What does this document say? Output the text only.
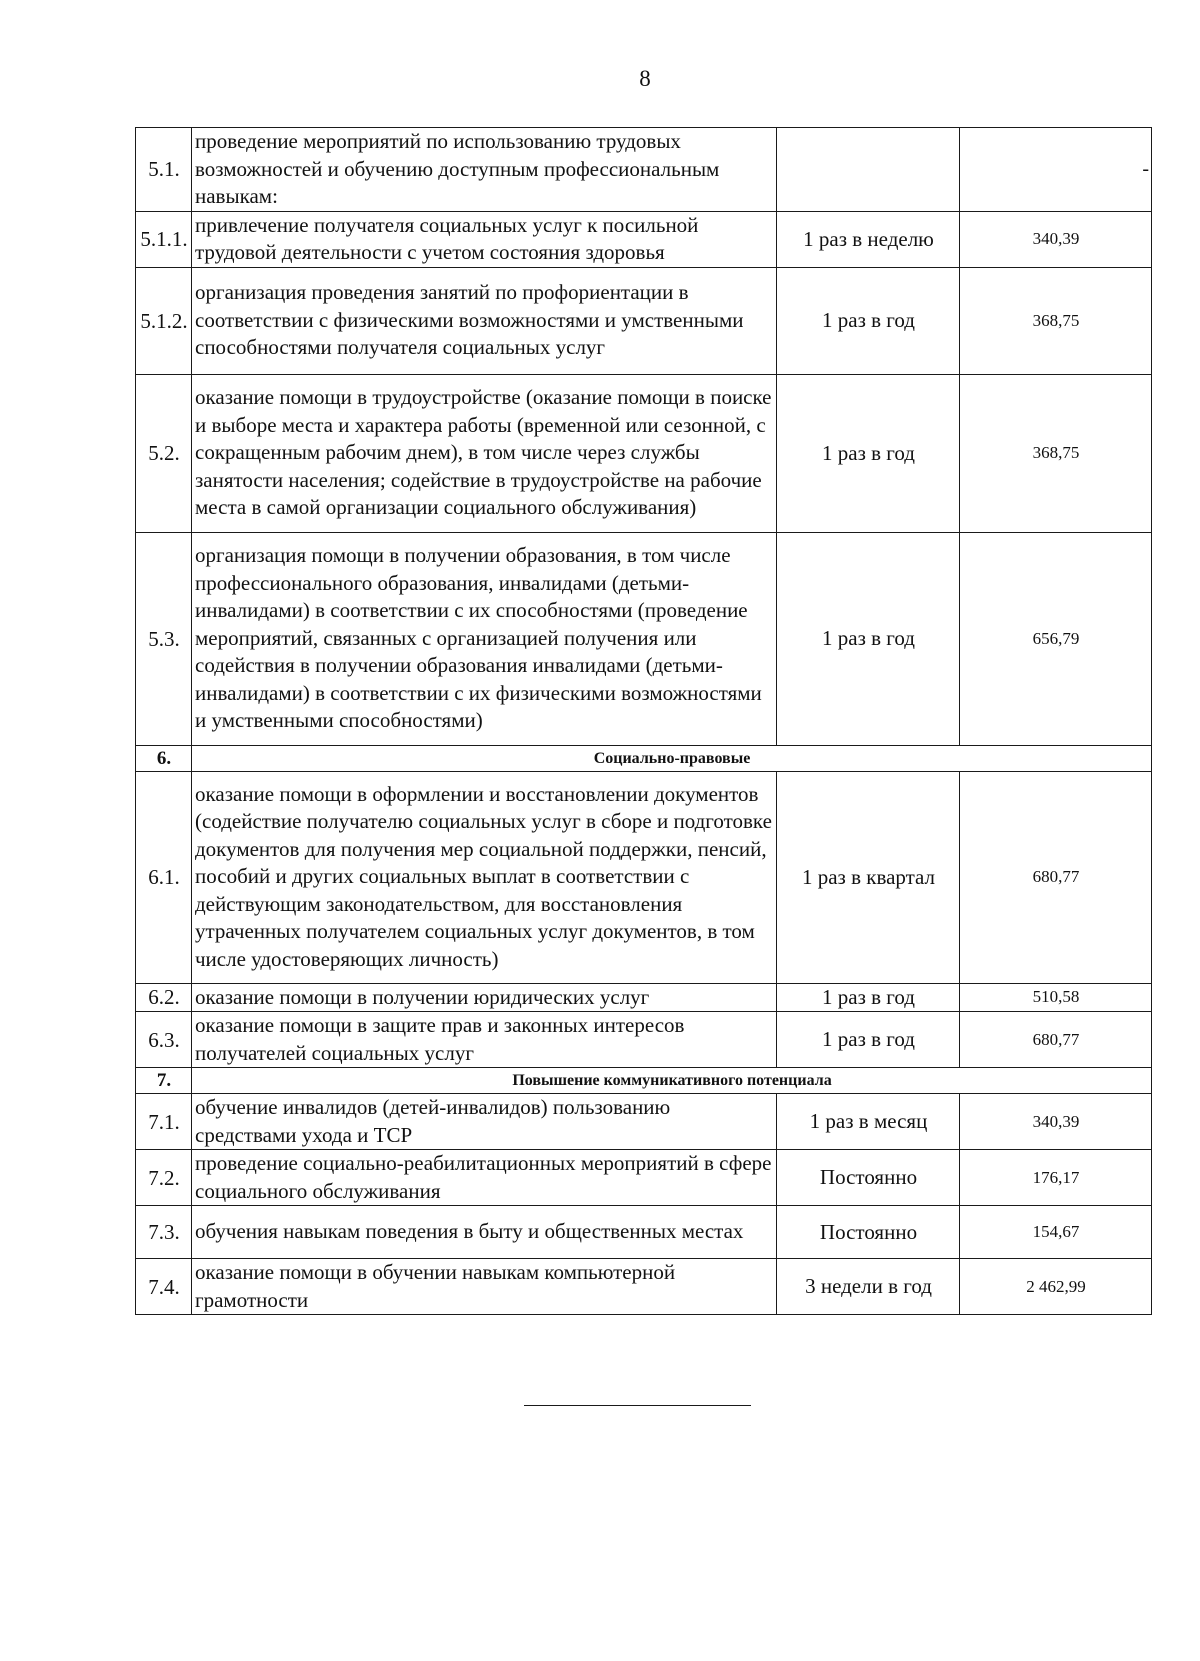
8
5.1.	проведение мероприятий по использованию трудовых возможностей и обучению доступным профессиональным навыкам:		-
5.1.1.	привлечение получателя социальных услуг к посильной трудовой деятельности с учетом состояния здоровья	1 раз в неделю	340,39
5.1.2.	организация проведения занятий по профориентации в соответствии с физическими возможностями и умственными способностями получателя социальных услуг	1 раз в год	368,75
5.2.	оказание помощи в трудоустройстве (оказание помощи в поиске и выборе места и характера работы (временной или сезонной, с сокращенным рабочим днем), в том числе через службы занятости населения; содействие в трудоустройстве на рабочие места в самой организации социального обслуживания)	1 раз в год	368,75
5.3.	организация помощи в получении образования, в том числе профессионального образования, инвалидами (детьми-инвалидами) в соответствии с их способностями (проведение мероприятий, связанных с организацией получения или содействия в получении образования инвалидами (детьми-инвалидами) в соответствии с их физическими возможностями и умственными способностями)	1 раз в год	656,79
6.	Социально-правовые		
6.1.	оказание помощи в оформлении и восстановлении документов (содействие получателю социальных услуг в сборе и подготовке документов для получения мер социальной поддержки, пенсий, пособий и других социальных выплат в соответствии с действующим законодательством, для восстановления утраченных получателем социальных услуг документов, в том числе удостоверяющих личность)	1 раз в квартал	680,77
6.2.	оказание помощи в получении юридических услуг	1 раз в год	510,58
6.3.	оказание помощи в защите прав и законных интересов получателей социальных услуг	1 раз в год	680,77
7.	Повышение коммуникативного потенциала		
7.1.	обучение инвалидов (детей-инвалидов) пользованию средствами ухода и ТСР	1 раз в месяц	340,39
7.2.	проведение социально-реабилитационных мероприятий в сфере социального обслуживания	Постоянно	176,17
7.3.	обучения навыкам поведения в быту и общественных местах	Постоянно	154,67
7.4.	оказание помощи в обучении навыкам компьютерной грамотности	3 недели в год	2 462,99
